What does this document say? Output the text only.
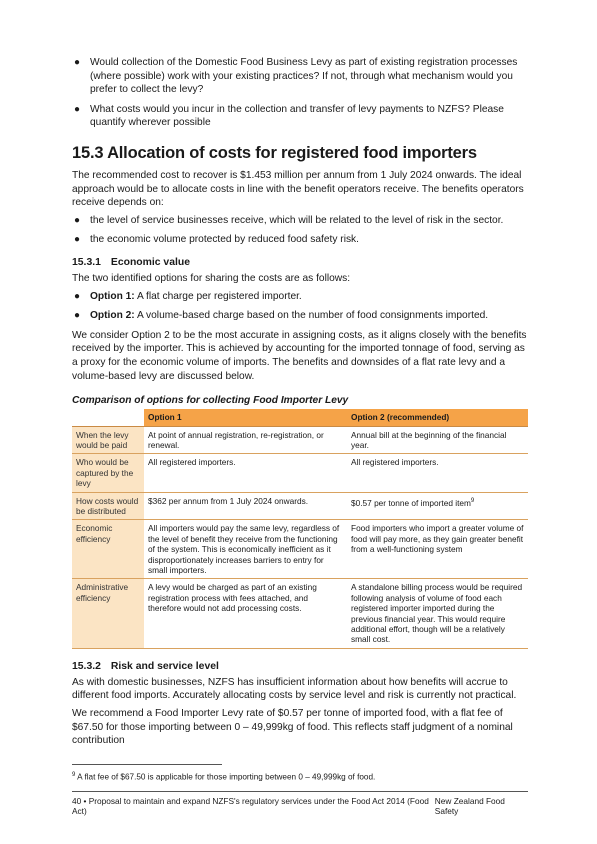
● Would collection of the Domestic Food Business Levy as part of existing registration processes (where possible) work with your existing practices? If not, through what mechanism would you prefer to collect the levy?
● What costs would you incur in the collection and transfer of levy payments to NZFS? Please quantify wherever possible
15.3 Allocation of costs for registered food importers

The recommended cost to recover is $1.453 million per annum from 1 July 2024 onwards. The ideal approach would be to allocate costs in line with the benefit operators receive. The benefits operators receive depends on:

● the level of service businesses receive, which will be related to the level of risk in the sector.
● the economic volume protected by reduced food safety risk.
15.3.1 Economic value

The two identified options for sharing the costs are as follows:

● Option 1: A flat charge per registered importer.
● Option 2: A volume-based charge based on the number of food consignments imported.

We consider Option 2 to be the most accurate in assigning costs, as it aligns closely with the benefits received by the importer. This is achieved by accounting for the imported tonnage of food, serving as a proxy for the economic volume of imports. The benefits and downsides of a flat rate levy and a volume-based levy are discussed below.

Comparison of options for collecting Food Importer Levy
	Option 1	Option 2 (recommended)
When the levy would be paid	At point of annual registration, re-registration, or renewal.	Annual bill at the beginning of the financial year.
Who would be captured by the levy	All registered importers.	All registered importers.
How costs would be distributed	$362 per annum from 1 July 2024 onwards.	$0.57 per tonne of imported item$^9$
Economic efficiency	All importers would pay the same levy, regardless of the level of benefit they receive from the functioning of the system. This is economically inefficient as it disproportionately increases barriers to entry for small importers.	Food importers who import a greater volume of food will pay more, as they gain greater benefit from a well-functioning system
Administrative efficiency	A levy would be charged as part of an existing registration process with fees attached, and therefore would not add processing costs.	A standalone billing process would be required following analysis of volume of food each registered importer imported during the previous financial year. This would require additional effort, though will be a relatively small cost.
15.3.2 Risk and service level

As with domestic businesses, NZFS has insufficient information about how benefits will accrue to different food imports. Accurately allocating costs by service level and risk is currently not practical.

We recommend a Food Importer Levy rate of $0.57 per tonne of imported food, with a flat fee of $67.50 for those importing between 0 – 49,999kg of food. This reflects staff judgment of a nominal contribution

$^9$ A flat fee of $67.50 is applicable for those importing between 0 – 49,999kg of food.
40 • Proposal to maintain and expand NZFS's regulatory services under the Food Act 2014 (Food Act)
New Zealand Food Safety
